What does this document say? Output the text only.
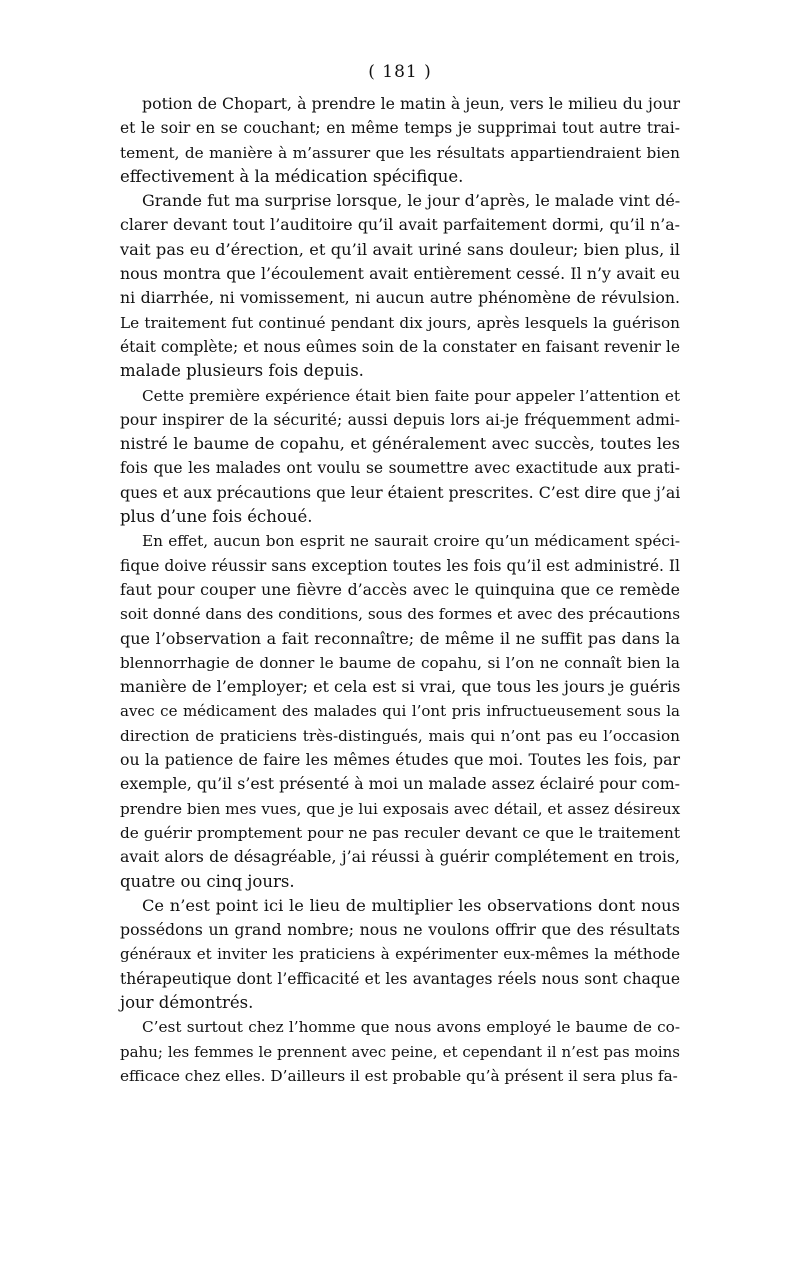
( 181 )
potion de Chopart, à prendre le matin à jeun, vers le milieu du jour
et le soir en se couchant; en même temps je supprimai tout autre trai-
tement, de manière à m’assurer que les résultats appartiendraient bien
effectivement à la médication spécifique.
Grande fut ma surprise lorsque, le jour d’après, le malade vint dé-
clarer devant tout l’auditoire qu’il avait parfaitement dormi, qu’il n’a-
vait pas eu d’érection, et qu’il avait uriné sans douleur; bien plus, il
nous montra que l’écoulement avait entièrement cessé. Il n’y avait eu
ni diarrhée, ni vomissement, ni aucun autre phénomène de révulsion.
Le traitement fut continué pendant dix jours, après lesquels la guérison
était complète; et nous eûmes soin de la constater en faisant revenir le
malade plusieurs fois depuis.
Cette première expérience était bien faite pour appeler l’attention et
pour inspirer de la sécurité; aussi depuis lors ai-je fréquemment admi-
nistré le baume de copahu, et généralement avec succès, toutes les
fois que les malades ont voulu se soumettre avec exactitude aux prati-
ques et aux précautions que leur étaient prescrites. C’est dire que j’ai
plus d’une fois échoué.
En effet, aucun bon esprit ne saurait croire qu’un médicament spéci-
fique doive réussir sans exception toutes les fois qu’il est administré. Il
faut pour couper une fièvre d’accès avec le quinquina que ce remède
soit donné dans des conditions, sous des formes et avec des précautions
que l’observation a fait reconnaître; de même il ne suffit pas dans la
blennorrhagie de donner le baume de copahu, si l’on ne connaît bien la
manière de l’employer; et cela est si vrai, que tous les jours je guéris
avec ce médicament des malades qui l’ont pris infructueusement sous la
direction de praticiens très-distingués, mais qui n’ont pas eu l’occasion
ou la patience de faire les mêmes études que moi. Toutes les fois, par
exemple, qu’il s’est présenté à moi un malade assez éclairé pour com-
prendre bien mes vues, que je lui exposais avec détail, et assez désireux
de guérir promptement pour ne pas reculer devant ce que le traitement
avait alors de désagréable, j’ai réussi à guérir complétement en trois,
quatre ou cinq jours.
Ce n’est point ici le lieu de multiplier les observations dont nous
possédons un grand nombre; nous ne voulons offrir que des résultats
généraux et inviter les praticiens à expérimenter eux-mêmes la méthode
thérapeutique dont l’efficacité et les avantages réels nous sont chaque
jour démontrés.
C’est surtout chez l’homme que nous avons employé le baume de co-
pahu; les femmes le prennent avec peine, et cependant il n’est pas moins
efficace chez elles. D’ailleurs il est probable qu’à présent il sera plus fa-
